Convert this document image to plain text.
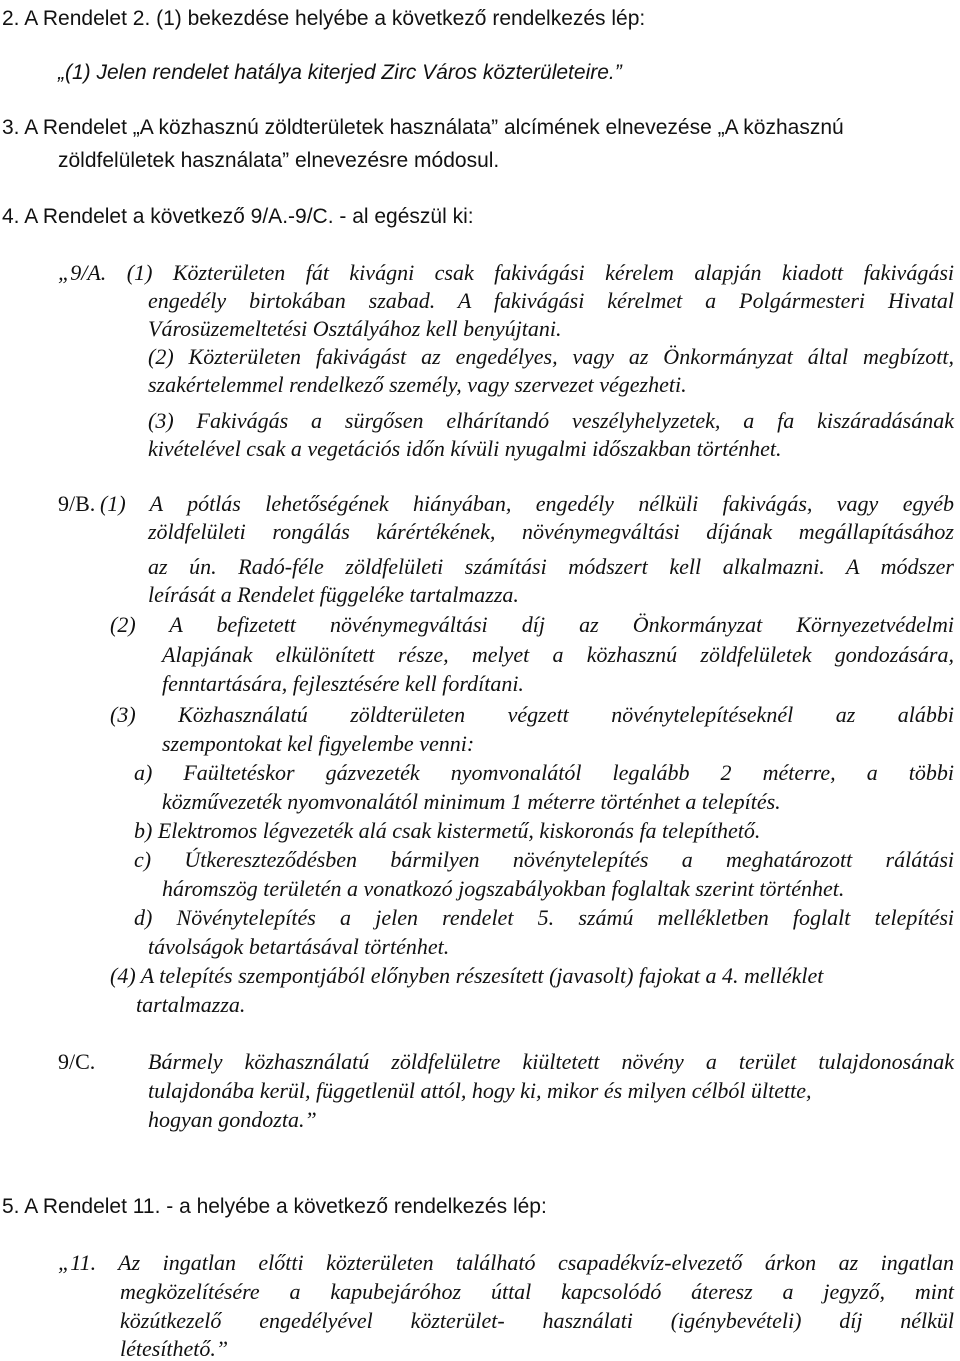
2. A Rendelet 2. (1) bekezdése helyébe a következő rendelkezés lép:
„(1) Jelen rendelet hatálya kiterjed Zirc Város közterületeire.”
3. A Rendelet „A közhasznú zöldterületek használata” alcímének elnevezése „A közhasznú
zöldfelületek használata” elnevezésre módosul.
4. A Rendelet a következő 9/A.-9/C. - al egészül ki:
„9/A. (1) Közterületen fát kivágni csak fakivágási kérelem alapján kiadott fakivágási
engedély birtokában szabad. A fakivágási kérelmet a Polgármesteri Hivatal
Városüzemeltetési Osztályához kell benyújtani.
(2) Közterületen fakivágást az engedélyes, vagy az Önkormányzat által megbízott,
szakértelemmel rendelkező személy, vagy szervezet végezheti.
(3) Fakivágás a sürgősen elhárítandó veszélyhelyzetek, a fa kiszáradásának
kivételével csak a vegetációs időn kívüli nyugalmi időszakban történhet.
9/B. (1) A pótlás lehetőségének hiányában, engedély nélküli fakivágás, vagy egyéb
zöldfelületi rongálás kárértékének, növénymegváltási díjának megállapításához
az ún. Radó-féle zöldfelületi számítási módszert kell alkalmazni. A módszer
leírását a Rendelet függeléke tartalmazza.
(2) A befizetett növénymegváltási díj az Önkormányzat Környezetvédelmi
Alapjának elkülönített része, melyet a közhasznú zöldfelületek gondozására,
fenntartására, fejlesztésére kell fordítani.
(3) Közhasználatú zöldterületen végzett növénytelepítéseknél az alábbi
szempontokat kel figyelembe venni:
a) Faültetéskor gázvezeték nyomvonalától legalább 2 méterre, a többi
közművezeték nyomvonalától minimum 1 méterre történhet a telepítés.
b) Elektromos légvezeték alá csak kistermetű, kiskoronás fa telepíthető.
c) Útkereszteződésben bármilyen növénytelepítés a meghatározott rálátási
háromszög területén a vonatkozó jogszabályokban foglaltak szerint történhet.
d) Növénytelepítés a jelen rendelet 5. számú mellékletben foglalt telepítési
távolságok betartásával történhet.
(4) A telepítés szempontjából előnyben részesített (javasolt) fajokat a 4. melléklet
tartalmazza.
9/C. Bármely közhasználatú zöldfelületre kiültetett növény a terület tulajdonosának
tulajdonába kerül, függetlenül attól, hogy ki, mikor és milyen célból ültette,
hogyan gondozta.”
5. A Rendelet 11. - a helyébe a következő rendelkezés lép:
„11. Az ingatlan előtti közterületen található csapadékvíz-elvezető árkon az ingatlan
megközelítésére a kapubejáróhoz úttal kapcsolódó áteresz a jegyző, mint
közútkezelő engedélyével közterület- használati (igénybevételi) díj nélkül
létesíthető.”
